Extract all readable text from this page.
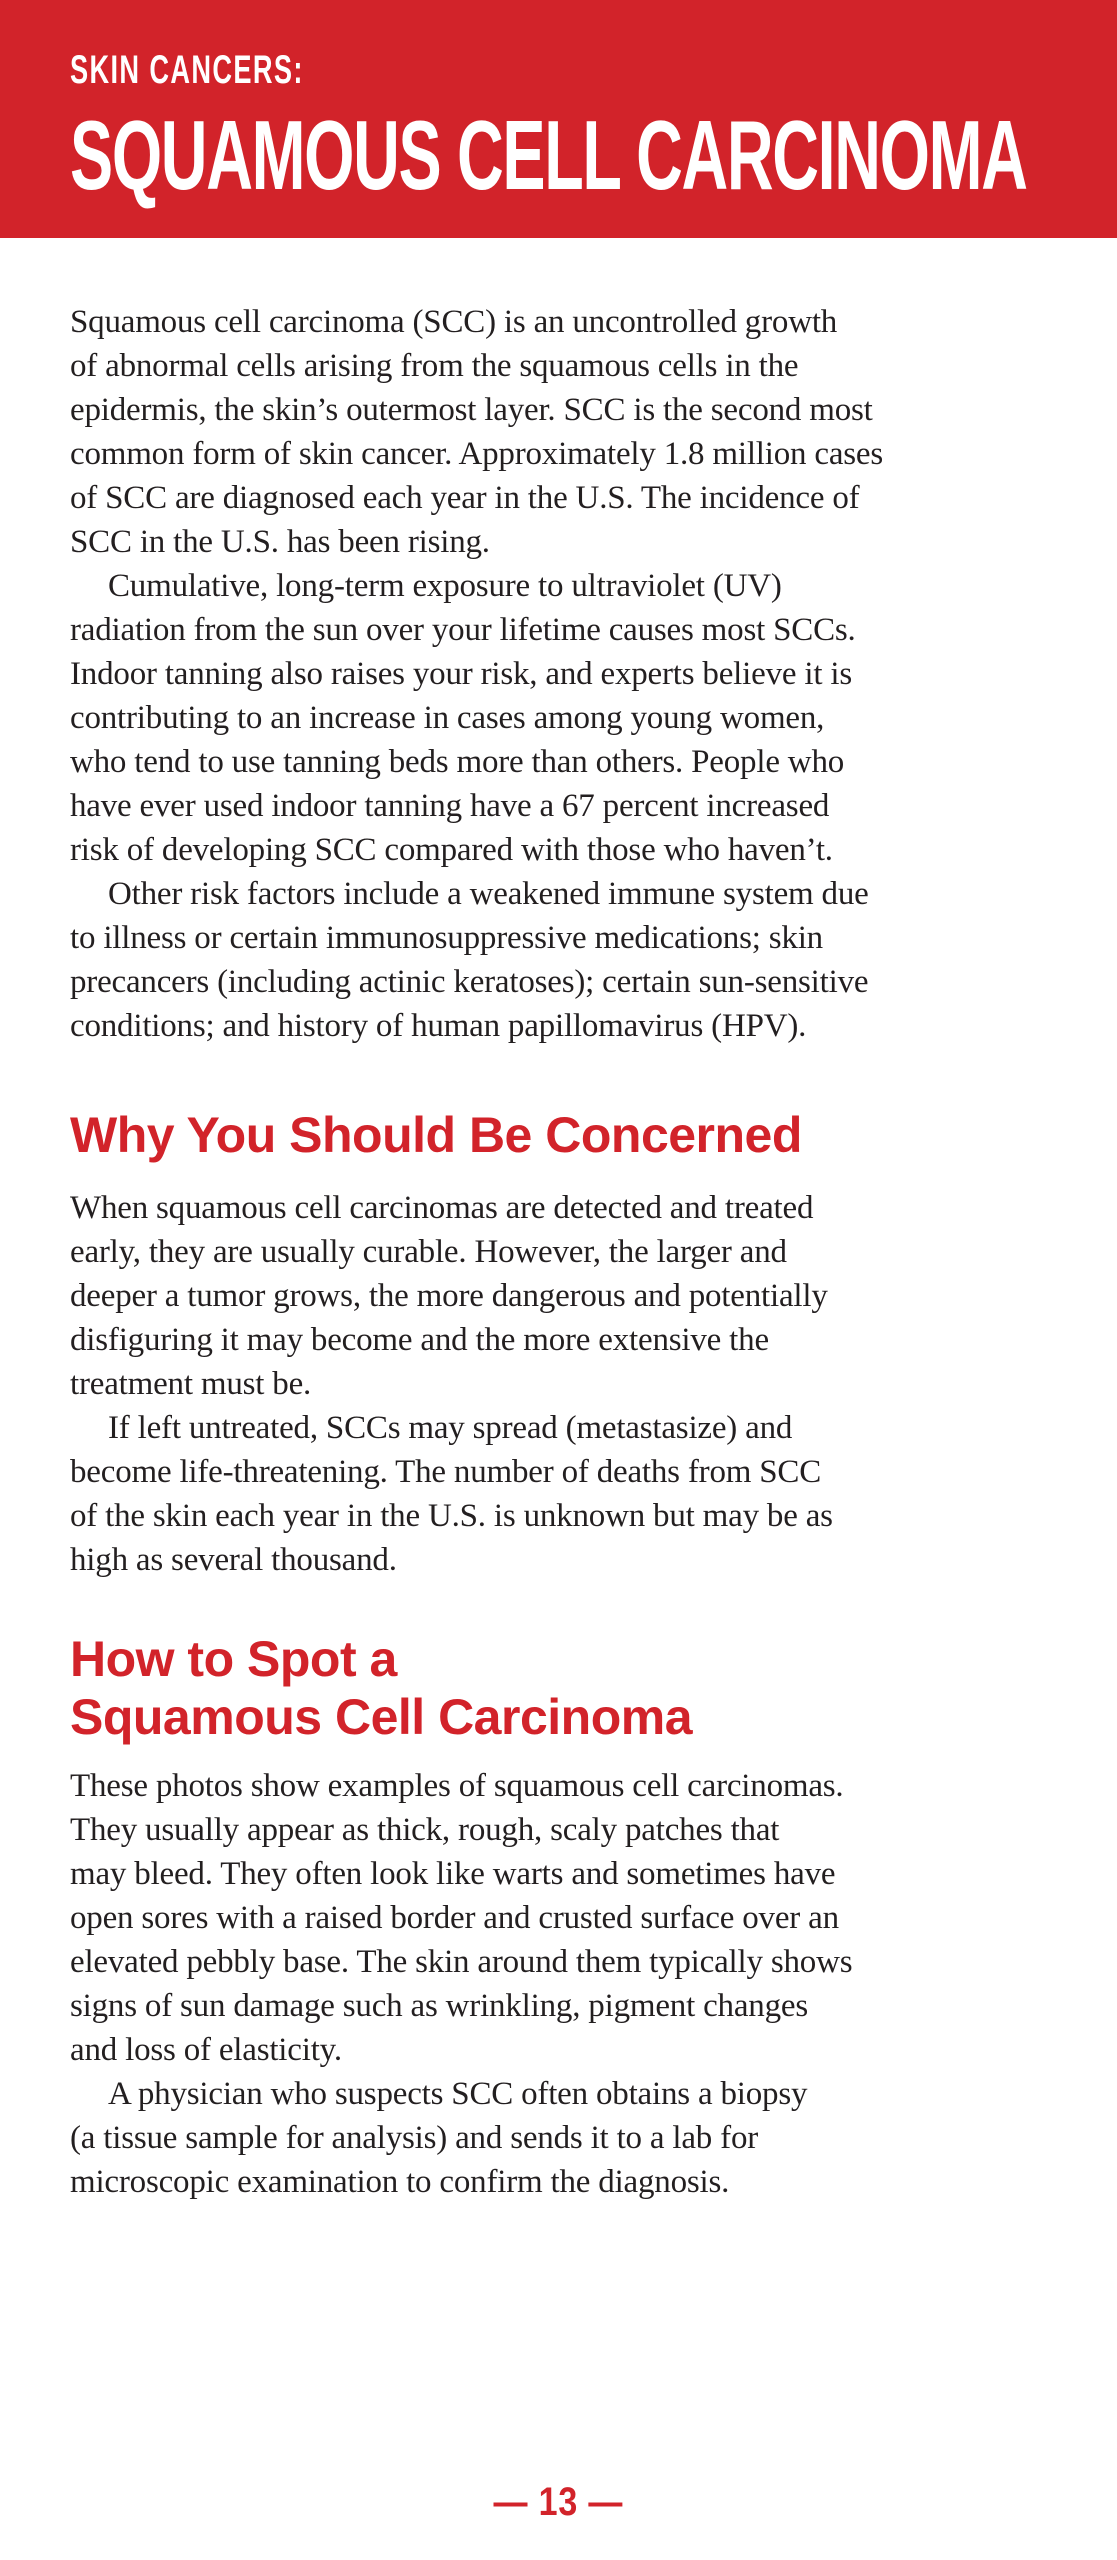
SKIN CANCERS:
SQUAMOUS CELL CARCINOMA

Squamous cell carcinoma (SCC) is an uncontrolled growth
of abnormal cells arising from the squamous cells in the
epidermis, the skin’s outermost layer. SCC is the second most
common form of skin cancer. Approximately 1.8 million cases
of SCC are diagnosed each year in the U.S. The incidence of
SCC in the U.S. has been rising.

Cumulative, long-term exposure to ultraviolet (UV)
radiation from the sun over your lifetime causes most SCCs.
Indoor tanning also raises your risk, and experts believe it is
contributing to an increase in cases among young women,
who tend to use tanning beds more than others. People who
have ever used indoor tanning have a 67 percent increased
risk of developing SCC compared with those who haven’t.

Other risk factors include a weakened immune system due
to illness or certain immunosuppressive medications; skin
precancers (including actinic keratoses); certain sun-sensitive
conditions; and history of human papillomavirus (HPV).

Why You Should Be Concerned

When squamous cell carcinomas are detected and treated
early, they are usually curable. However, the larger and
deeper a tumor grows, the more dangerous and potentially
disfiguring it may become and the more extensive the
treatment must be.

If left untreated, SCCs may spread (metastasize) and
become life-threatening. The number of deaths from SCC
of the skin each year in the U.S. is unknown but may be as
high as several thousand.

How to Spot a
Squamous Cell Carcinoma

These photos show examples of squamous cell carcinomas.
They usually appear as thick, rough, scaly patches that
may bleed. They often look like warts and sometimes have
open sores with a raised border and crusted surface over an
elevated pebbly base. The skin around them typically shows
signs of sun damage such as wrinkling, pigment changes
and loss of elasticity.

A physician who suspects SCC often obtains a biopsy
(a tissue sample for analysis) and sends it to a lab for
microscopic examination to confirm the diagnosis.

— 13 —
